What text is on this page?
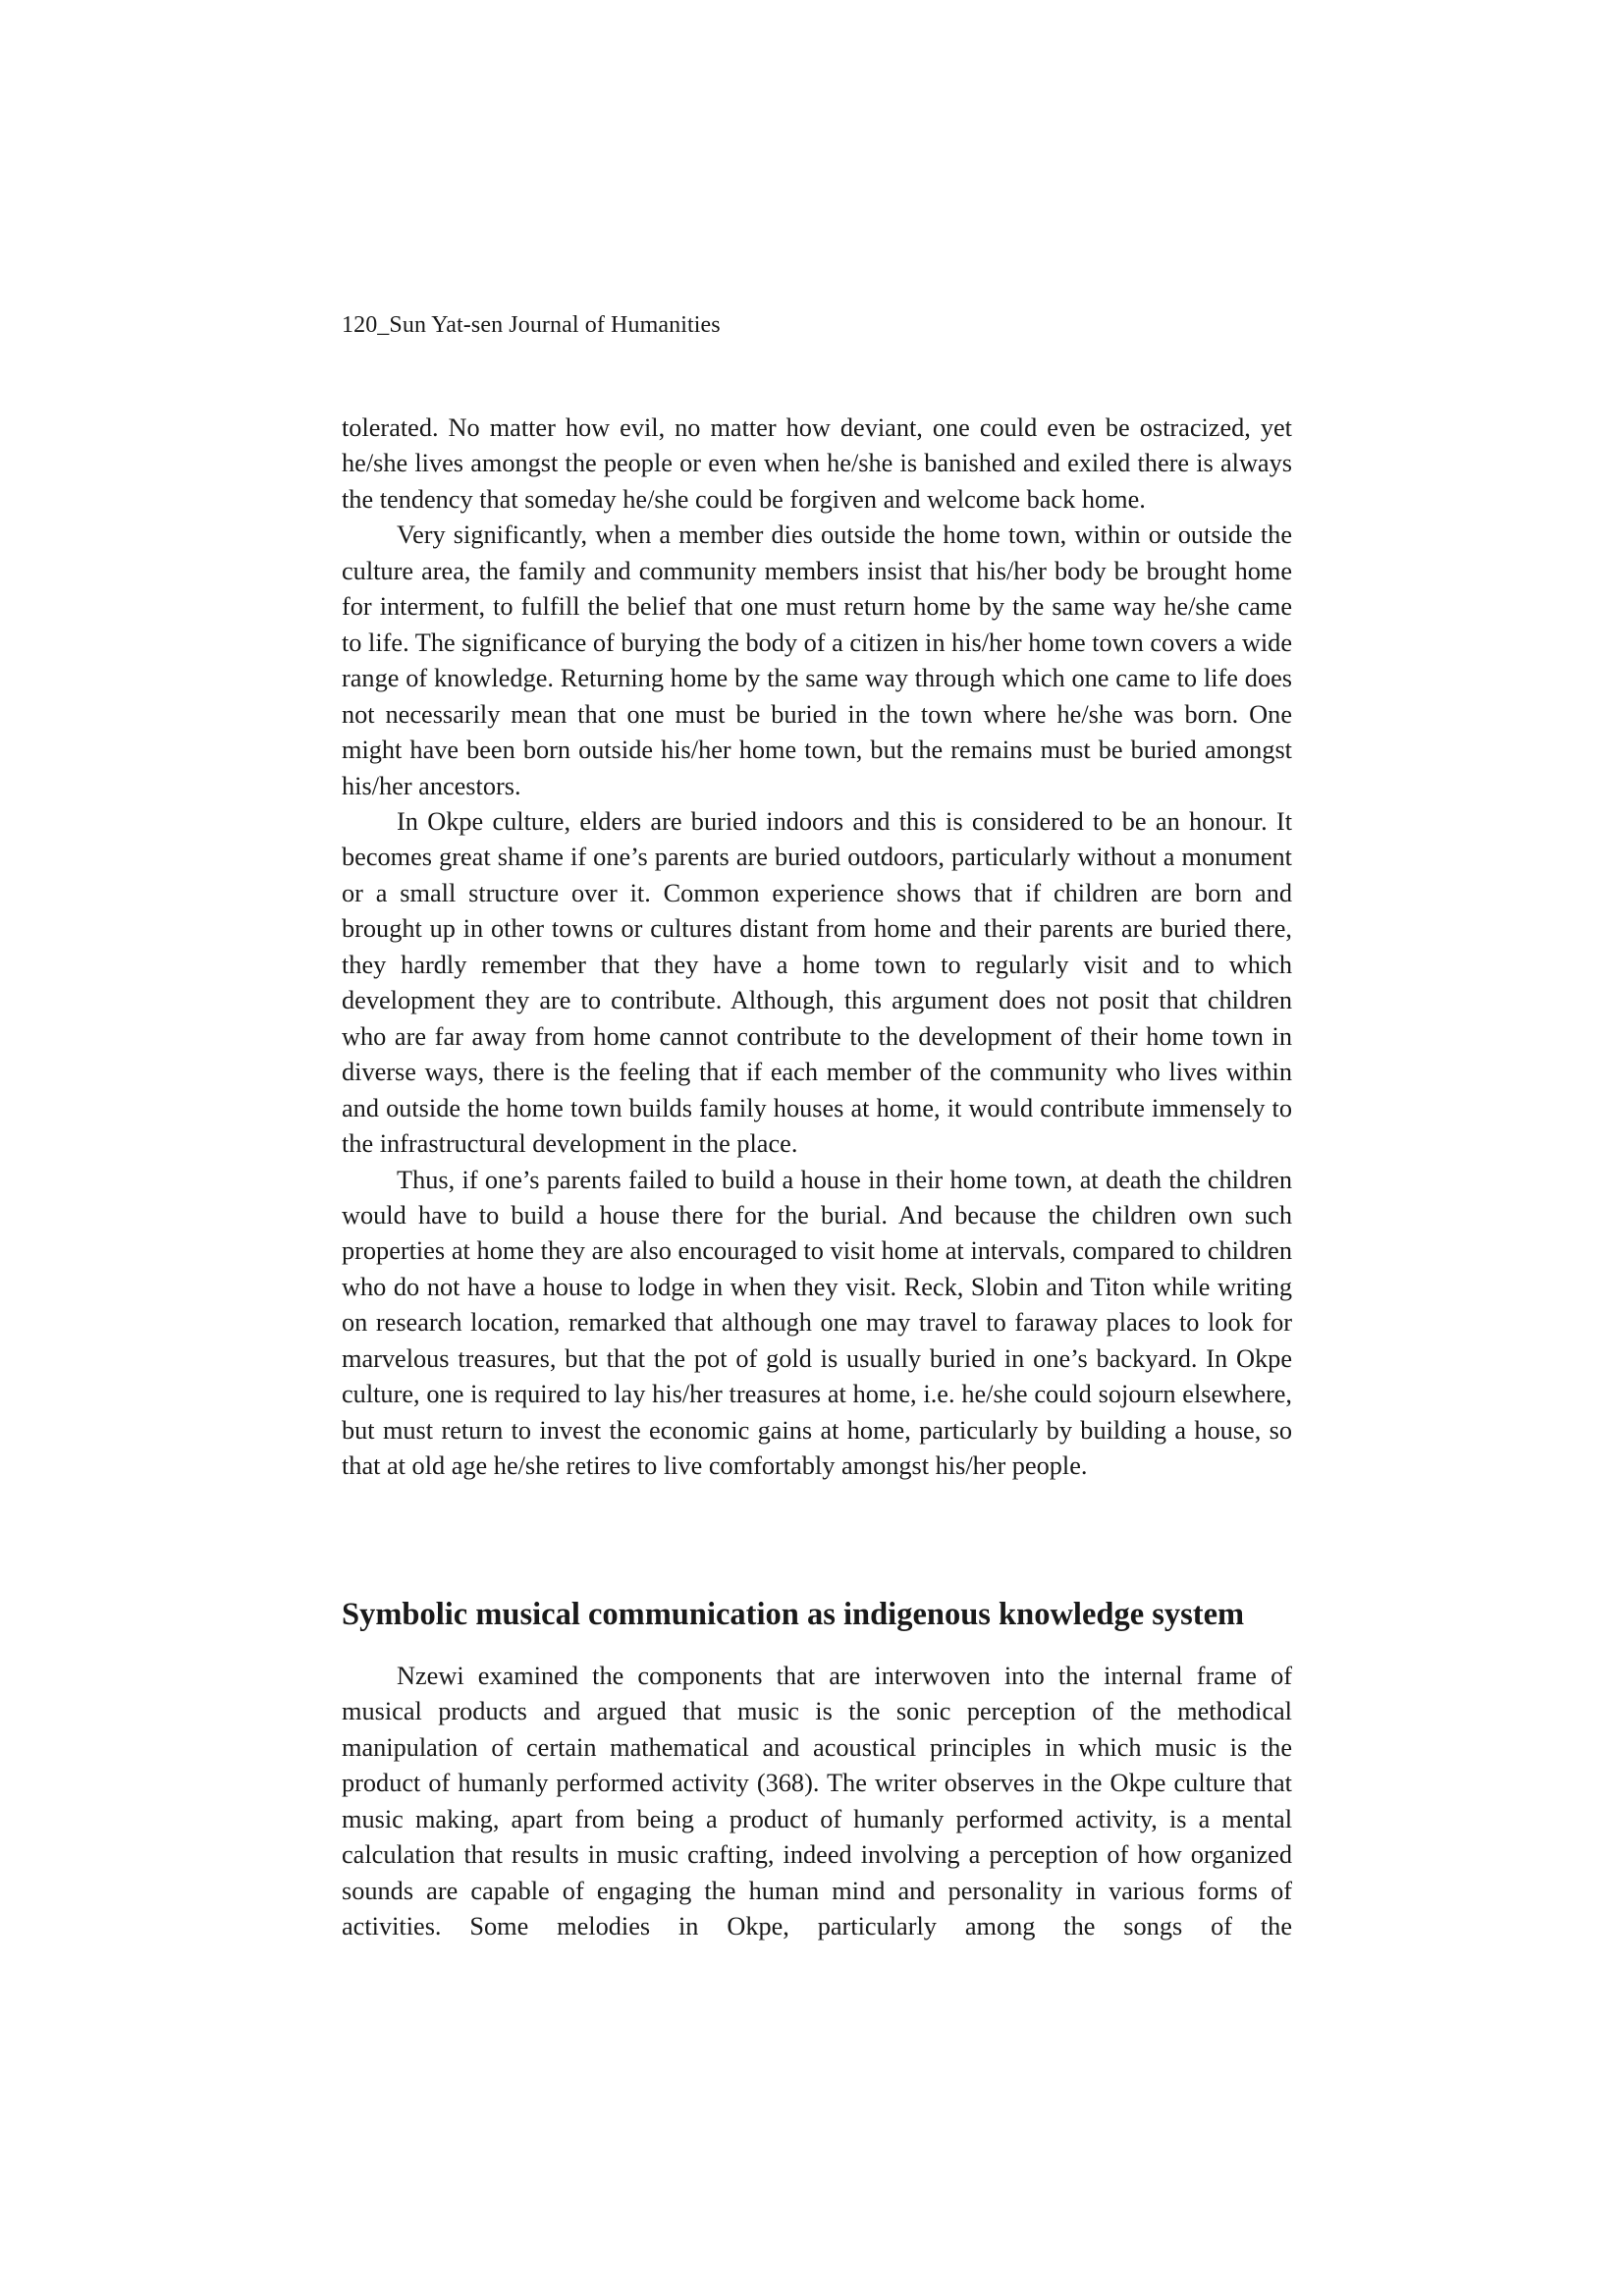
120_Sun Yat-sen Journal of Humanities

tolerated. No matter how evil, no matter how deviant, one could even be ostracized, yet he/she lives amongst the people or even when he/she is banished and exiled there is always the tendency that someday he/she could be forgiven and welcome back home.

Very significantly, when a member dies outside the home town, within or outside the culture area, the family and community members insist that his/her body be brought home for interment, to fulfill the belief that one must return home by the same way he/she came to life. The significance of burying the body of a citizen in his/her home town covers a wide range of knowledge. Returning home by the same way through which one came to life does not necessarily mean that one must be buried in the town where he/she was born. One might have been born outside his/her home town, but the remains must be buried amongst his/her ancestors.

In Okpe culture, elders are buried indoors and this is considered to be an honour. It becomes great shame if one’s parents are buried outdoors, particularly without a monument or a small structure over it. Common experience shows that if children are born and brought up in other towns or cultures distant from home and their parents are buried there, they hardly remember that they have a home town to regularly visit and to which development they are to contribute. Although, this argument does not posit that children who are far away from home cannot contribute to the development of their home town in diverse ways, there is the feeling that if each member of the community who lives within and outside the home town builds family houses at home, it would contribute immensely to the infrastructural development in the place.

Thus, if one’s parents failed to build a house in their home town, at death the children would have to build a house there for the burial. And because the children own such properties at home they are also encouraged to visit home at intervals, compared to children who do not have a house to lodge in when they visit. Reck, Slobin and Titon while writing on research location, remarked that although one may travel to faraway places to look for marvelous treasures, but that the pot of gold is usually buried in one’s backyard. In Okpe culture, one is required to lay his/her treasures at home, i.e. he/she could sojourn elsewhere, but must return to invest the economic gains at home, particularly by building a house, so that at old age he/she retires to live comfortably amongst his/her people.

Symbolic musical communication as indigenous knowledge system

Nzewi examined the components that are interwoven into the internal frame of musical products and argued that music is the sonic perception of the methodical manipulation of certain mathematical and acoustical principles in which music is the product of humanly performed activity (368). The writer observes in the Okpe culture that music making, apart from being a product of humanly performed activity, is a mental calculation that results in music crafting, indeed involving a perception of how organized sounds are capable of engaging the human mind and personality in various forms of activities. Some melodies in Okpe, particularly among the songs of the
